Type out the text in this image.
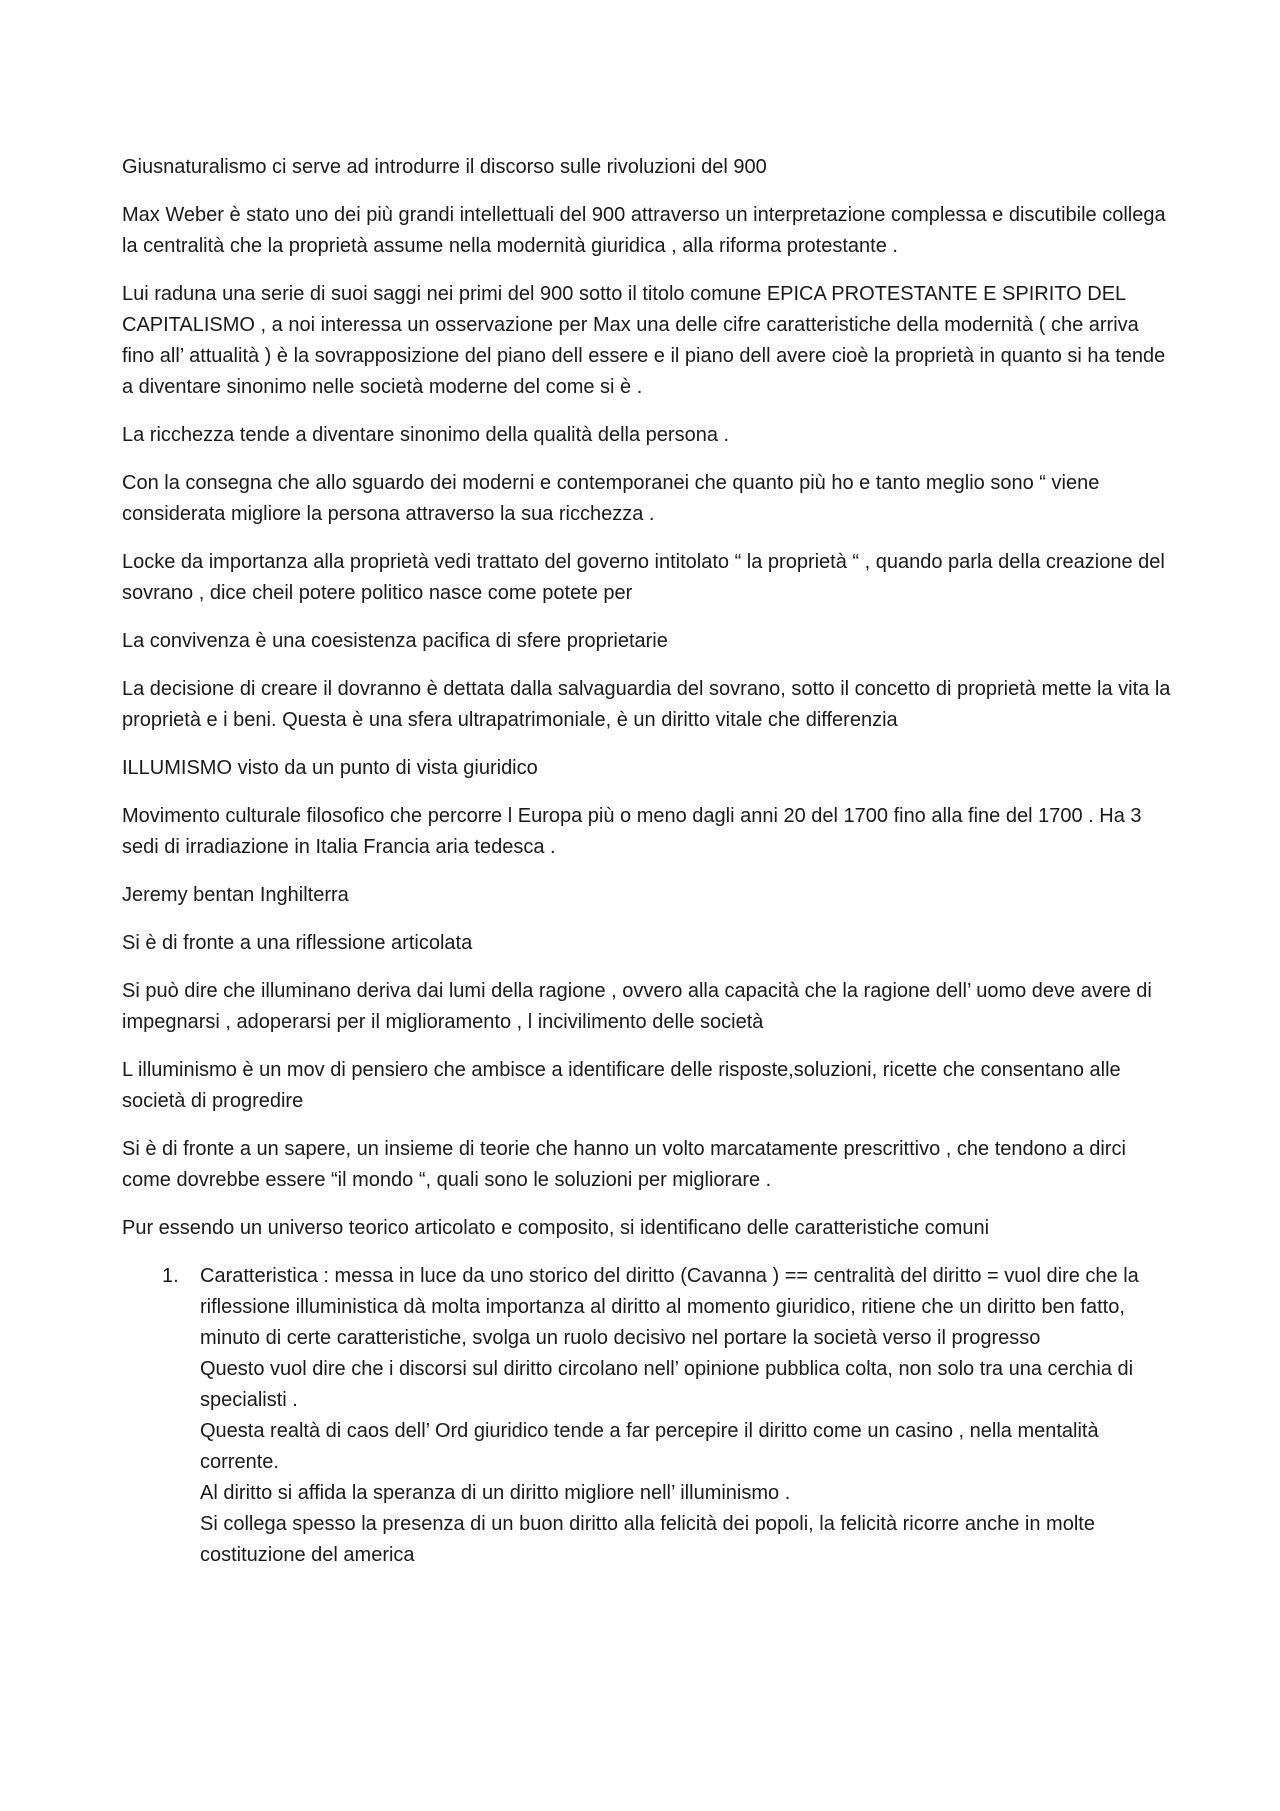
Giusnaturalismo ci serve ad introdurre il discorso sulle rivoluzioni del 900

Max Weber è stato uno dei più grandi intellettuali del 900 attraverso un interpretazione complessa e discutibile collega la centralità che la proprietà assume nella modernità giuridica , alla riforma protestante .

Lui raduna una serie di suoi saggi nei primi del 900 sotto il titolo comune EPICA PROTESTANTE E SPIRITO DEL CAPITALISMO , a noi interessa un osservazione per Max una delle cifre caratteristiche della modernità ( che arriva fino all’ attualità ) è la sovrapposizione del piano dell essere e il piano dell avere cioè la proprietà in quanto si ha tende a diventare sinonimo nelle società moderne del come si è .

La ricchezza tende a diventare sinonimo della qualità della persona .

Con la consegna che allo sguardo dei moderni e contemporanei che quanto più ho e tanto meglio sono “ viene considerata migliore la persona attraverso la sua ricchezza .

Locke da importanza alla proprietà vedi trattato del governo intitolato “ la proprietà “ , quando parla della creazione del sovrano , dice cheil potere politico nasce come potete per

La convivenza è una coesistenza pacifica di sfere proprietarie

La decisione di creare il dovranno è dettata dalla salvaguardia del sovrano, sotto il concetto di proprietà mette la vita la proprietà e i beni. Questa è una sfera ultrapatrimoniale, è un diritto vitale che differenzia

ILLUMISMO visto da un punto di vista giuridico

Movimento culturale filosofico che percorre l Europa più o meno dagli anni 20 del 1700 fino alla fine del 1700 . Ha 3 sedi di irradiazione in Italia Francia aria tedesca .

Jeremy bentan Inghilterra

Si è di fronte a una riflessione articolata

Si può dire che illuminano deriva dai lumi della ragione , ovvero alla capacità che la ragione dell’ uomo deve avere di impegnarsi , adoperarsi per il miglioramento , l incivilimento delle società

L illuminismo è un mov di pensiero che ambisce a identificare delle risposte,soluzioni, ricette che consentano alle società di progredire

Si è di fronte a un sapere, un insieme di teorie che hanno un volto marcatamente prescrittivo , che tendono a dirci come dovrebbe essere “il mondo “, quali sono le soluzioni per migliorare .

Pur essendo un universo teorico articolato e composito, si identificano delle caratteristiche comuni

1. Caratteristica : messa in luce da uno storico del diritto (Cavanna ) == centralità del diritto = vuol dire che la riflessione illuministica dà molta importanza al diritto al momento giuridico, ritiene che un diritto ben fatto, minuto di certe caratteristiche, svolga un ruolo decisivo nel portare la società verso il progresso
Questo vuol dire che i discorsi sul diritto circolano nell’ opinione pubblica colta, non solo tra una cerchia di specialisti .
Questa realtà di caos dell’ Ord giuridico tende a far percepire il diritto come un casino , nella mentalità corrente.
Al diritto si affida la speranza di un diritto migliore nell’ illuminismo .
Si collega spesso la presenza di un buon diritto alla felicità dei popoli, la felicità ricorre anche in molte costituzione del america
